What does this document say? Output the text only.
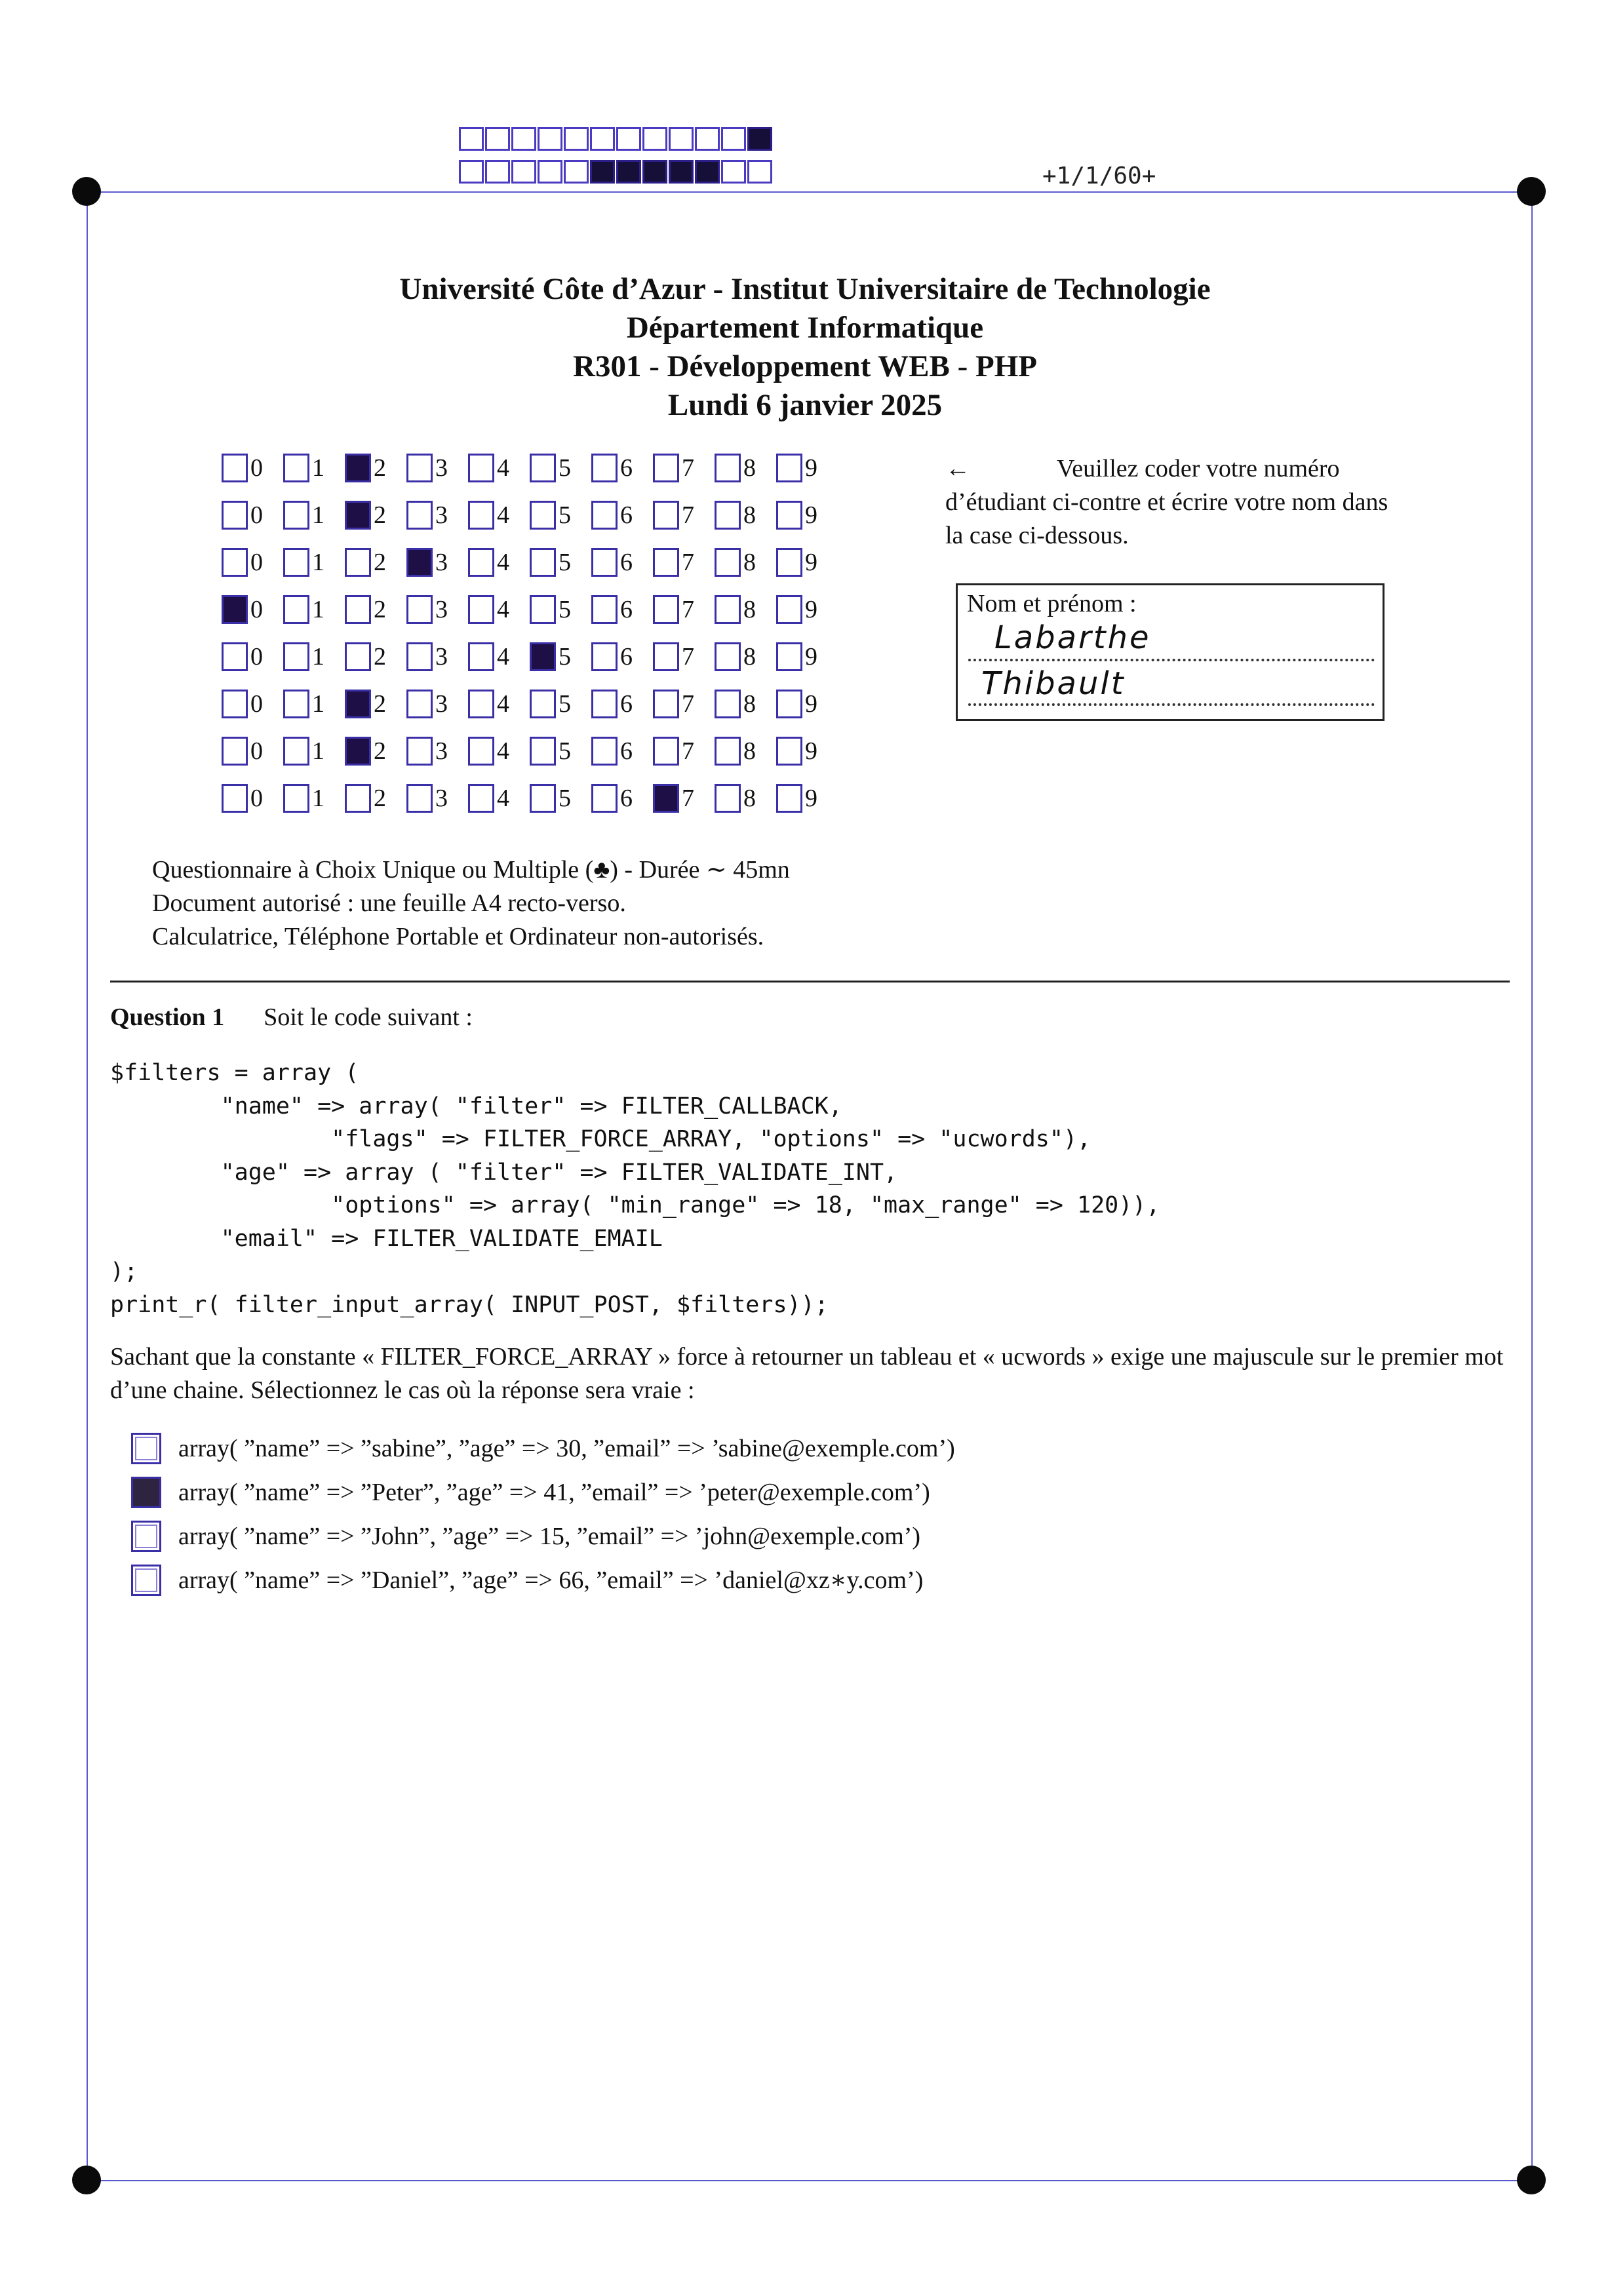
+1/1/60+
Université Côte d’Azur - Institut Universitaire de Technologie
Département Informatique
R301 - Développement WEB - PHP
Lundi 6 janvier 2025
0 1 2 3 4 5 6 7 8 9
0 1 2 3 4 5 6 7 8 9
0 1 2 3 4 5 6 7 8 9
0 1 2 3 4 5 6 7 8 9
0 1 2 3 4 5 6 7 8 9
0 1 2 3 4 5 6 7 8 9
0 1 2 3 4 5 6 7 8 9
0 1 2 3 4 5 6 7 8 9
←	Veuillez coder votre numéro d’étudiant ci-contre et écrire votre nom dans la case ci-dessous.
Nom et prénom :
Labarthe
Thibault
Questionnaire à Choix Unique ou Multiple (♣) - Durée ∼ 45mn
Document autorisé : une feuille A4 recto-verso.
Calculatrice, Téléphone Portable et Ordinateur non-autorisés.
Question 1 Soit le code suivant :
$filters = array (
"name" => array( "filter" => FILTER_CALLBACK,
"flags" => FILTER_FORCE_ARRAY, "options" => "ucwords"),
"age" => array ( "filter" => FILTER_VALIDATE_INT,
"options" => array( "min_range" => 18, "max_range" => 120)),
"email" => FILTER_VALIDATE_EMAIL
);
print_r( filter_input_array( INPUT_POST, $filters));
Sachant que la constante « FILTER_FORCE_ARRAY » force à retourner un tableau et « ucwords » exige une majuscule sur le premier mot d’une chaine. Sélectionnez le cas où la réponse sera vraie :
array( ”name” => ”sabine”, ”age” => 30, ”email” => ’sabine@exemple.com’)
array( ”name” => ”Peter”, ”age” => 41, ”email” => ’peter@exemple.com’)
array( ”name” => ”John”, ”age” => 15, ”email” => ’john@exemple.com’)
array( ”name” => ”Daniel”, ”age” => 66, ”email” => ’daniel@xz∗y.com’)
